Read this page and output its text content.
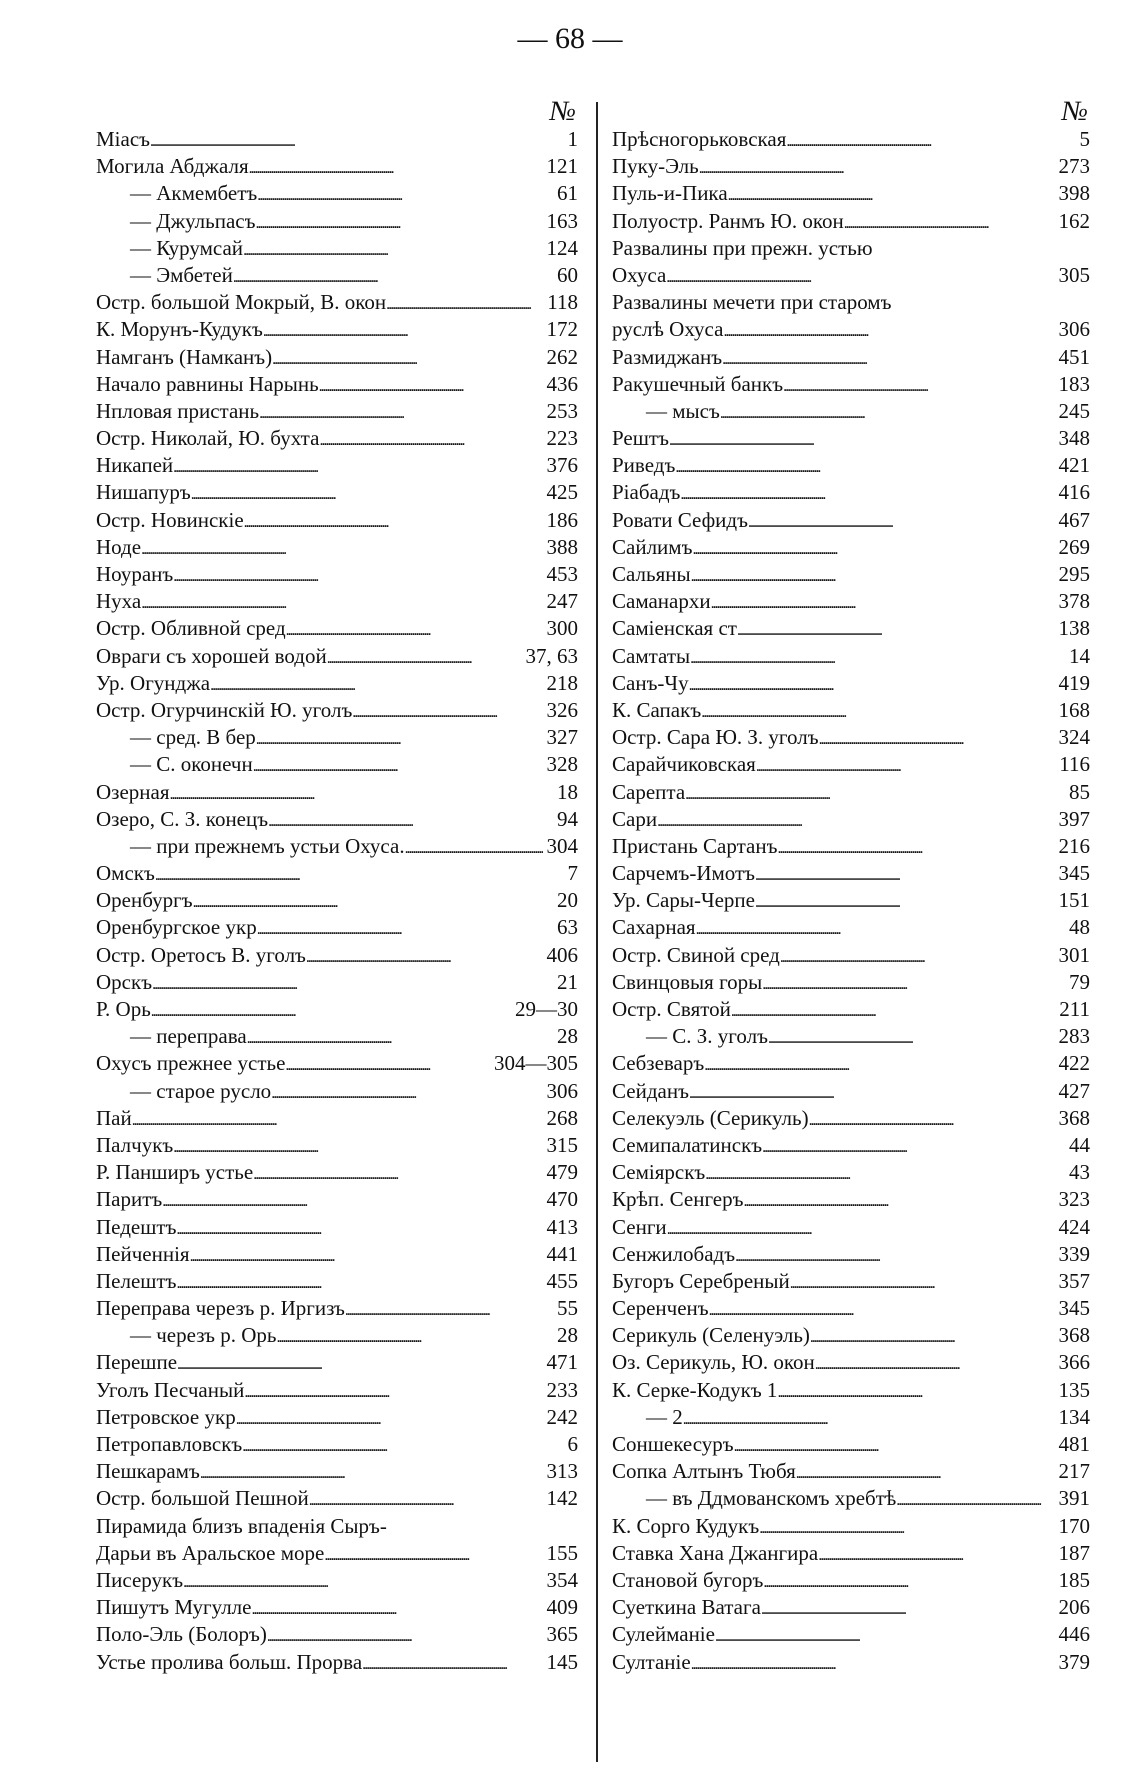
— 68 —
№
Міасъ . . .	1
Могила Абджаля . . .	121
— Акмембетъ . . .	61
— Джульпасъ . . .	163
— Курумсай . . .	124
— Эмбетей . . .	60
Остр. большой Мокрый, В. окон . . .	118
К. Морунъ-Кудукъ . . .	172
Намганъ (Намканъ) . . .	262
Начало равнины Нарынь . . .	436
Нпловая пристань . . .	253
Остр. Николай, Ю. бухта . . .	223
Никапей . . .	376
Нишапуръ . . .	425
Остр. Новинскіе . . .	186
Ноде . . .	388
Ноуранъ . . .	453
Нуха . . .	247
Остр. Обливной сред . . .	300
Овраги съ хорошей водой . . .	37, 63
Ур. Огунджа . . .	218
Остр. Огурчинскій Ю. уголъ . . .	326
— сред. В бер . . .	327
— С. оконечн . . .	328
Озерная . . .	18
Озеро, С. З. конецъ . . .	94
— при прежнемъ устьи Охуса. . . .	304
Омскъ . . .	7
Оренбургъ . . .	20
Оренбургское укр . . .	63
Остр. Оретосъ В. уголъ . . .	406
Орскъ . . .	21
Р. Орь . . .	29—30
— переправа . . .	28
Охусъ прежнее устье . . .	304—305
— старое русло . . .	306
Пай . . .	268
Палчукъ . . .	315
Р. Панширъ устье . . .	479
Паритъ . . .	470
Педештъ . . .	413
Пейченнія . . .	441
Пелештъ . . .	455
Переправа черезъ р. Иргизъ . . .	55
— черезъ р. Орь . . .	28
Перешпе . . .	471
Уголъ Песчаный . . .	233
Петровское укр . . .	242
Петропавловскъ . . .	6
Пешкарамъ . . .	313
Остр. большой Пешной . . .	142
Пирамида близъ впаденія Сыръ-
Дарьи въ Аральское море . . .	155
Писерукъ . . .	354
Пишутъ Мугулле . . .	409
Поло-Эль (Болоръ) . . .	365
Устье пролива больш. Прорва . . .	145
№
Прѣсногорьковская . . .	5
Пуку-Эль . . .	273
Пуль-и-Пика . . .	398
Полуостр. Ранмъ Ю. окон . . .	162
Развалины при прежн. устью
Охуса . . .	305
Развалины мечети при старомъ
руслѣ Охуса . . .	306
Размиджанъ . . .	451
Ракушечный банкъ . . .	183
— мысъ . . .	245
Рештъ . . .	348
Риведъ . . .	421
Ріабадъ . . .	416
Ровати Сефидъ . . .	467
Сайлимъ . . .	269
Сальяны . . .	295
Саманархи . . .	378
Саміенская ст . . .	138
Самтаты . . .	14
Санъ-Чу . . .	419
К. Сапакъ . . .	168
Остр. Сара Ю. З. уголъ . . .	324
Сарайчиковская . . .	116
Сарепта . . .	85
Сари . . .	397
Пристань Сартанъ . . .	216
Сарчемъ-Имотъ . . .	345
Ур. Сары-Черпе . . .	151
Сахарная . . .	48
Остр. Свиной сред . . .	301
Свинцовыя горы . . .	79
Остр. Святой . . .	211
— С. З. уголъ . . .	283
Себзеваръ . . .	422
Сейданъ . . .	427
Селекуэль (Серикуль) . . .	368
Семипалатинскъ . . .	44
Семіярскъ . . .	43
Крѣп. Сенгеръ . . .	323
Сенги . . .	424
Сенжилобадъ . . .	339
Бугоръ Серебреный . . .	357
Серенченъ . . .	345
Серикуль (Селенуэль) . . .	368
Оз. Серикуль, Ю. окон . . .	366
К. Серке-Кодукъ 1 . . .	135
— 2 . . .	134
Соншекесуръ . . .	481
Сопка Алтынъ Тюбя . . .	217
— въ Ддмованскомъ хребтѣ . . .	391
К. Сорго Кудукъ . . .	170
Ставка Хана Джангира . . .	187
Становой бугоръ . . .	185
Суеткина Ватага . . .	206
Сулейманіе . . .	446
Султаніе . . .	379
